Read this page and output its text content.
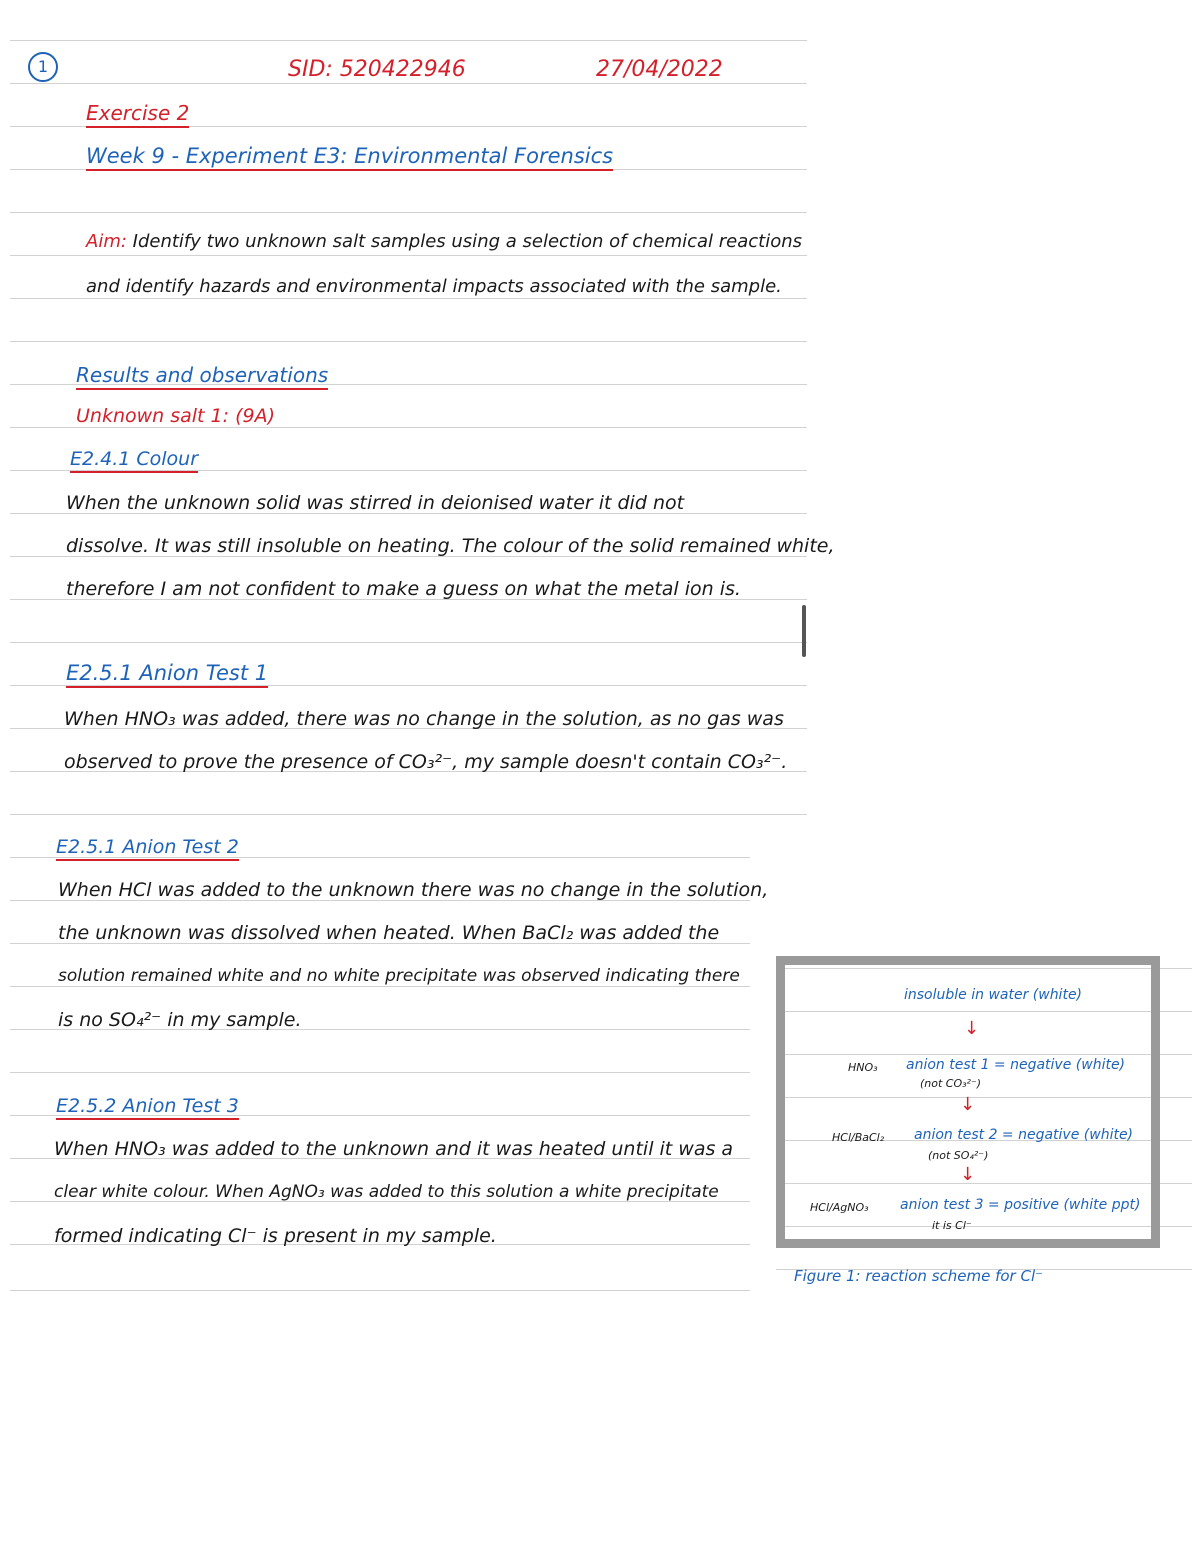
1	SID: 520422946	27/04/2022
Exercise 2
Week 9 - Experiment E3: Environmental Forensics
Aim: Identify two unknown salt samples using a selection of chemical reactions
and identify hazards and environmental impacts associated with the sample.
Results and observations
Unknown salt 1: (9A)
E2.4.1 Colour
When the unknown solid was stirred in deionised water it did not
dissolve. It was still insoluble on heating. The colour of the solid remained white,
therefore I am not confident to make a guess on what the metal ion is.
E2.5.1 Anion Test 1
When HNO₃ was added, there was no change in the solution, as no gas was
observed to prove the presence of CO₃²⁻, my sample doesn't contain CO₃²⁻.
E2.5.1 Anion Test 2
When HCl was added to the unknown there was no change in the solution,
the unknown was dissolved when heated. When BaCl₂ was added the
solution remained white and no white precipitate was observed indicating there
is no SO₄²⁻ in my sample.
E2.5.2 Anion Test 3
When HNO₃ was added to the unknown and it was heated until it was a
clear white colour. When AgNO₃ was added to this solution a white precipitate
formed indicating Cl⁻ is present in my sample.
insoluble in water (white)
↓
HNO₃ anion test 1 = negative (white)
(not CO₃²⁻)
↓
HCl/BaCl₂ anion test 2 = negative (white)
(not SO₄²⁻)
↓
HCl/AgNO₃ anion test 3 = positive (white ppt)
it is Cl⁻
Figure 1: reaction scheme for Cl⁻
